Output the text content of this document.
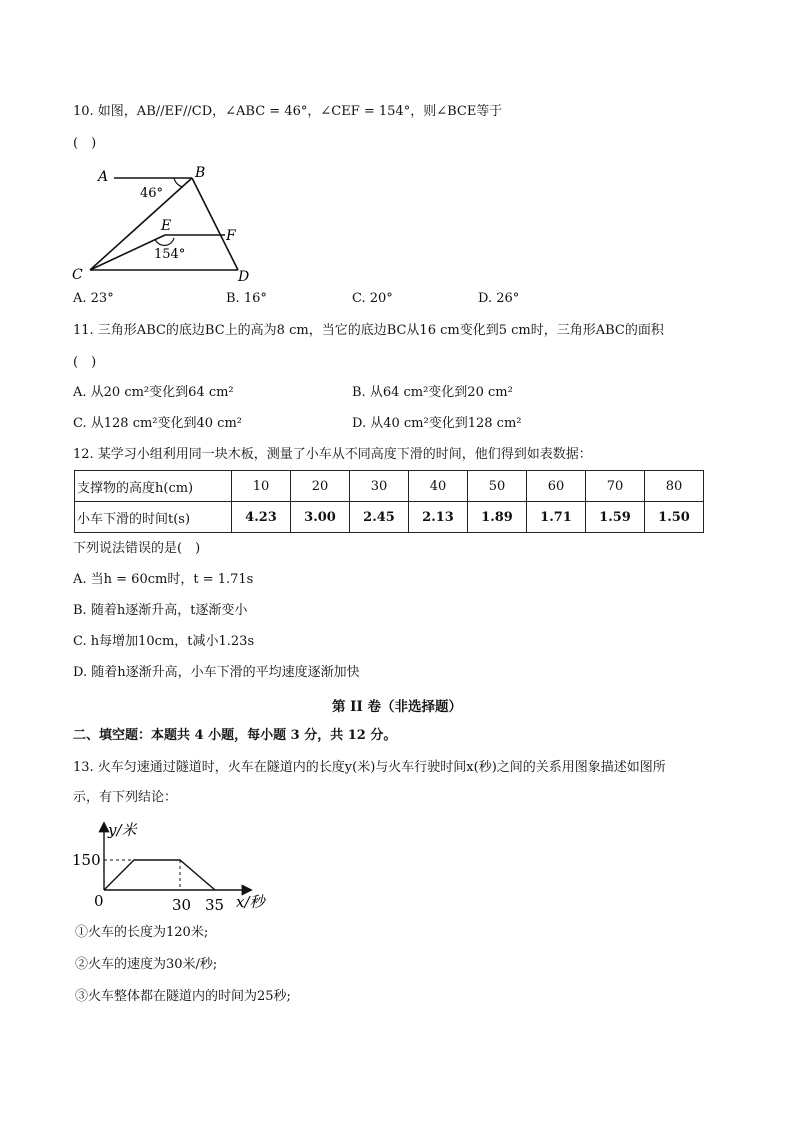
10. 如图，AB//EF//CD，∠ABC = 46°，∠CEF = 154°，则∠BCE等于
(　)
A	B
C	D
E
F
46°
154°
A. 23°	B. 16°	C. 20°	D. 26°
11. 三角形ABC的底边BC上的高为8 cm，当它的底边BC从16 cm变化到5 cm时，三角形ABC的面积
(　)
A. 从20 cm²变化到64 cm²	B. 从64 cm²变化到20 cm²
C. 从128 cm²变化到40 cm²	D. 从40 cm²变化到128 cm²
12. 某学习小组利用同一块木板，测量了小车从不同高度下滑的时间，他们得到如表数据：
支撑物的高度h(cm)	10	20	30	40	50	60	70	80
小车下滑的时间t(s)	4.23	3.00	2.45	2.13	1.89	1.71	1.59	1.50
下列说法错误的是(　)
A. 当h = 60cm时，t = 1.71s
B. 随着h逐渐升高，t逐渐变小
C. h每增加10cm，t减小1.23s
D. 随着h逐渐升高，小车下滑的平均速度逐渐加快
第 II 卷（非选择题）
二、填空题：本题共 4 小题，每小题 3 分，共 12 分。
13. 火车匀速通过隧道时，火车在隧道内的长度y(米)与火车行驶时间x(秒)之间的关系用图象描述如图所
示，有下列结论：
y/米
x/秒
0
150
30 35
①火车的长度为120米;
②火车的速度为30米/秒;
③火车整体都在隧道内的时间为25秒;
